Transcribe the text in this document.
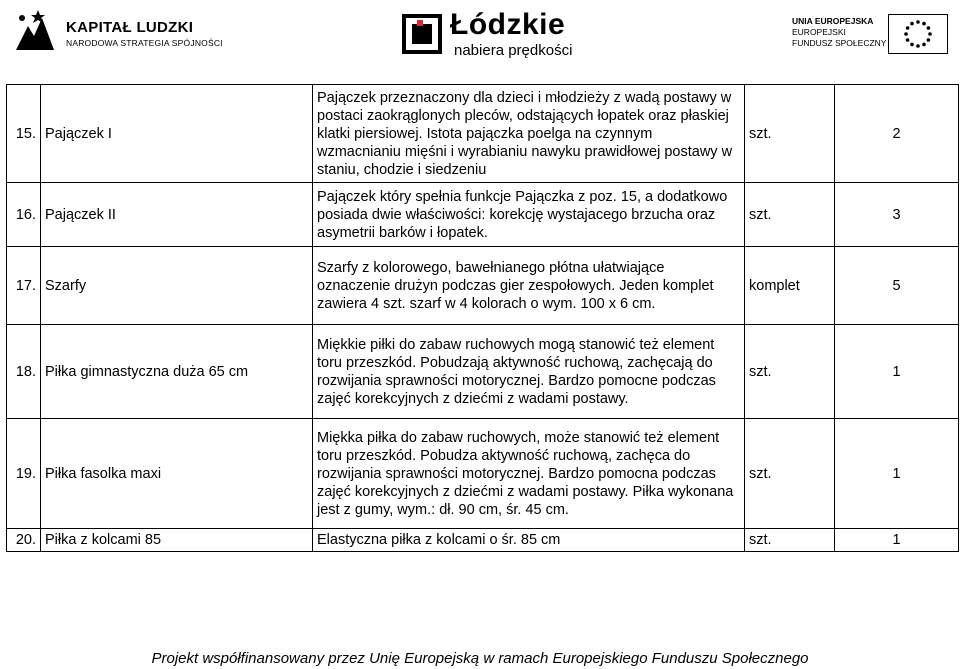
KAPITAŁ LUDZKI
NARODOWA STRATEGIA SPÓJNOŚCI
Łódzkie
nabiera prędkości
UNIA EUROPEJSKA
EUROPEJSKI
FUNDUSZ SPOŁECZNY
15.	Pajączek I	Pajączek przeznaczony dla dzieci i młodzieży z wadą postawy w postaci zaokrąglonych pleców, odstających łopatek oraz płaskiej klatki piersiowej. Istota pajączka poelga na czynnym wzmacnianiu mięśni i wyrabianiu nawyku prawidłowej postawy w staniu, chodzie i siedzeniu	szt.	2
16.	Pajączek II	Pajączek który spełnia funkcje Pajączka z poz. 15, a dodatkowo posiada dwie właściwości: korekcję wystajacego brzucha oraz asymetrii barków i łopatek.	szt.	3
17.	Szarfy	Szarfy z kolorowego, bawełnianego płótna ułatwiające oznaczenie drużyn podczas gier zespołowych. Jeden komplet zawiera 4 szt. szarf w 4 kolorach o wym. 100 x 6 cm.	komplet	5
18.	Piłka gimnastyczna duża 65 cm	Miękkie piłki do zabaw ruchowych mogą stanowić też element toru przeszkód. Pobudzają aktywność ruchową, zachęcają do rozwijania sprawności motorycznej. Bardzo pomocne podczas zajęć korekcyjnych z dziećmi z wadami postawy.	szt.	1
19.	Piłka fasolka maxi	Miękka piłka do zabaw ruchowych, może stanowić też element toru przeszkód. Pobudza aktywność ruchową, zachęca do rozwijania sprawności motorycznej. Bardzo pomocna podczas zajęć korekcyjnych z dziećmi z wadami postawy. Piłka wykonana jest z gumy, wym.: dł. 90 cm, śr. 45 cm.	szt.	1
20.	Piłka z kolcami 85	Elastyczna piłka z kolcami o śr. 85 cm	szt.	1
Projekt współfinansowany przez Unię Europejską w ramach Europejskiego Funduszu Społecznego
